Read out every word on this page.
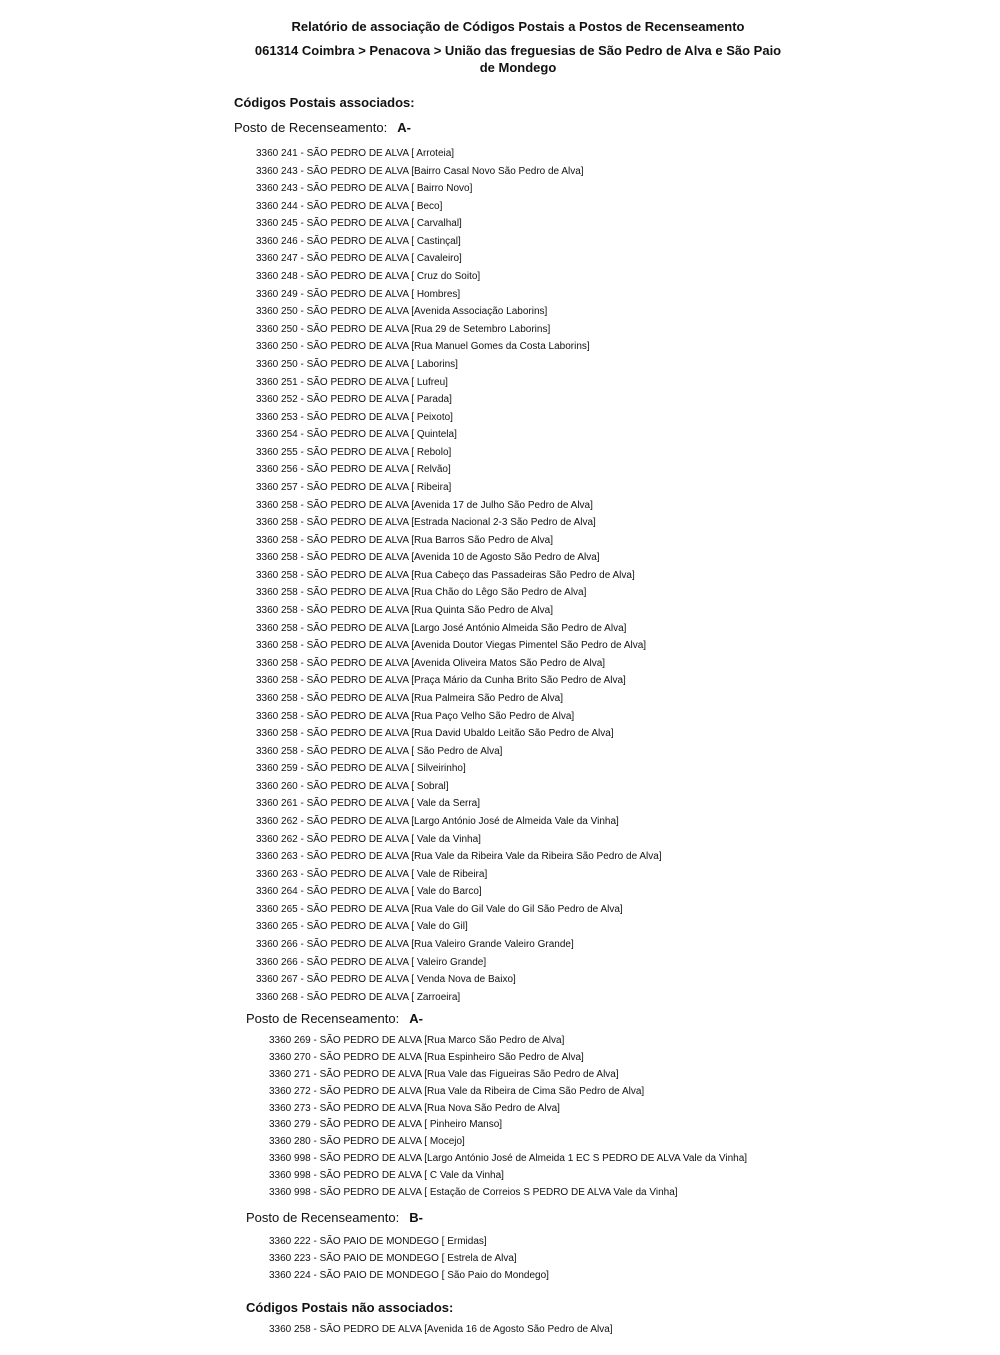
Relatório de associação de Códigos Postais a Postos de Recenseamento
061314 Coimbra > Penacova > União das freguesias de São Pedro de Alva e São Paio de Mondego
Códigos Postais associados:
Posto de Recenseamento: A-
3360 241 - SÃO PEDRO DE ALVA [ Arroteia]
3360 243 - SÃO PEDRO DE ALVA [Bairro Casal Novo São Pedro de Alva]
3360 243 - SÃO PEDRO DE ALVA [ Bairro Novo]
3360 244 - SÃO PEDRO DE ALVA [ Beco]
3360 245 - SÃO PEDRO DE ALVA [ Carvalhal]
3360 246 - SÃO PEDRO DE ALVA [ Castinçal]
3360 247 - SÃO PEDRO DE ALVA [ Cavaleiro]
3360 248 - SÃO PEDRO DE ALVA [ Cruz do Soito]
3360 249 - SÃO PEDRO DE ALVA [ Hombres]
3360 250 - SÃO PEDRO DE ALVA [Avenida Associação Laborins]
3360 250 - SÃO PEDRO DE ALVA [Rua 29 de Setembro Laborins]
3360 250 - SÃO PEDRO DE ALVA [Rua Manuel Gomes da Costa Laborins]
3360 250 - SÃO PEDRO DE ALVA [ Laborins]
3360 251 - SÃO PEDRO DE ALVA [ Lufreu]
3360 252 - SÃO PEDRO DE ALVA [ Parada]
3360 253 - SÃO PEDRO DE ALVA [ Peixoto]
3360 254 - SÃO PEDRO DE ALVA [ Quintela]
3360 255 - SÃO PEDRO DE ALVA [ Rebolo]
3360 256 - SÃO PEDRO DE ALVA [ Relvão]
3360 257 - SÃO PEDRO DE ALVA [ Ribeira]
3360 258 - SÃO PEDRO DE ALVA [Avenida 17 de Julho São Pedro de Alva]
3360 258 - SÃO PEDRO DE ALVA [Estrada Nacional 2-3 São Pedro de Alva]
3360 258 - SÃO PEDRO DE ALVA [Rua Barros São Pedro de Alva]
3360 258 - SÃO PEDRO DE ALVA [Avenida 10 de Agosto São Pedro de Alva]
3360 258 - SÃO PEDRO DE ALVA [Rua Cabeço das Passadeiras São Pedro de Alva]
3360 258 - SÃO PEDRO DE ALVA [Rua Chão do Lêgo São Pedro de Alva]
3360 258 - SÃO PEDRO DE ALVA [Rua Quinta São Pedro de Alva]
3360 258 - SÃO PEDRO DE ALVA [Largo José António Almeida São Pedro de Alva]
3360 258 - SÃO PEDRO DE ALVA [Avenida Doutor Viegas Pimentel São Pedro de Alva]
3360 258 - SÃO PEDRO DE ALVA [Avenida Oliveira Matos São Pedro de Alva]
3360 258 - SÃO PEDRO DE ALVA [Praça Mário da Cunha Brito São Pedro de Alva]
3360 258 - SÃO PEDRO DE ALVA [Rua Palmeira São Pedro de Alva]
3360 258 - SÃO PEDRO DE ALVA [Rua Paço Velho São Pedro de Alva]
3360 258 - SÃO PEDRO DE ALVA [Rua David Ubaldo Leitão São Pedro de Alva]
3360 258 - SÃO PEDRO DE ALVA [ São Pedro de Alva]
3360 259 - SÃO PEDRO DE ALVA [ Silveirinho]
3360 260 - SÃO PEDRO DE ALVA [ Sobral]
3360 261 - SÃO PEDRO DE ALVA [ Vale da Serra]
3360 262 - SÃO PEDRO DE ALVA [Largo António José de Almeida Vale da Vinha]
3360 262 - SÃO PEDRO DE ALVA [ Vale da Vinha]
3360 263 - SÃO PEDRO DE ALVA [Rua Vale da Ribeira Vale da Ribeira São Pedro de Alva]
3360 263 - SÃO PEDRO DE ALVA [ Vale de Ribeira]
3360 264 - SÃO PEDRO DE ALVA [ Vale do Barco]
3360 265 - SÃO PEDRO DE ALVA [Rua Vale do Gil Vale do Gil São Pedro de Alva]
3360 265 - SÃO PEDRO DE ALVA [ Vale do Gil]
3360 266 - SÃO PEDRO DE ALVA [Rua Valeiro Grande Valeiro Grande]
3360 266 - SÃO PEDRO DE ALVA [ Valeiro Grande]
3360 267 - SÃO PEDRO DE ALVA [ Venda Nova de Baixo]
3360 268 - SÃO PEDRO DE ALVA [ Zarroeira]
Posto de Recenseamento: A-
3360 269 - SÃO PEDRO DE ALVA [Rua Marco São Pedro de Alva]
3360 270 - SÃO PEDRO DE ALVA [Rua Espinheiro São Pedro de Alva]
3360 271 - SÃO PEDRO DE ALVA [Rua Vale das Figueiras São Pedro de Alva]
3360 272 - SÃO PEDRO DE ALVA [Rua Vale da Ribeira de Cima São Pedro de Alva]
3360 273 - SÃO PEDRO DE ALVA [Rua Nova São Pedro de Alva]
3360 279 - SÃO PEDRO DE ALVA [ Pinheiro Manso]
3360 280 - SÃO PEDRO DE ALVA [ Mocejo]
3360 998 - SÃO PEDRO DE ALVA [Largo António José de Almeida 1 EC S PEDRO DE ALVA Vale da Vinha]
3360 998 - SÃO PEDRO DE ALVA [ C Vale da Vinha]
3360 998 - SÃO PEDRO DE ALVA [ Estação de Correios S PEDRO DE ALVA Vale da Vinha]
Posto de Recenseamento: B-
3360 222 - SÃO PAIO DE MONDEGO [ Ermidas]
3360 223 - SÃO PAIO DE MONDEGO [ Estrela de Alva]
3360 224 - SÃO PAIO DE MONDEGO [ São Paio do Mondego]
Códigos Postais não associados:
3360 258 - SÃO PEDRO DE ALVA [Avenida 16 de Agosto São Pedro de Alva]
